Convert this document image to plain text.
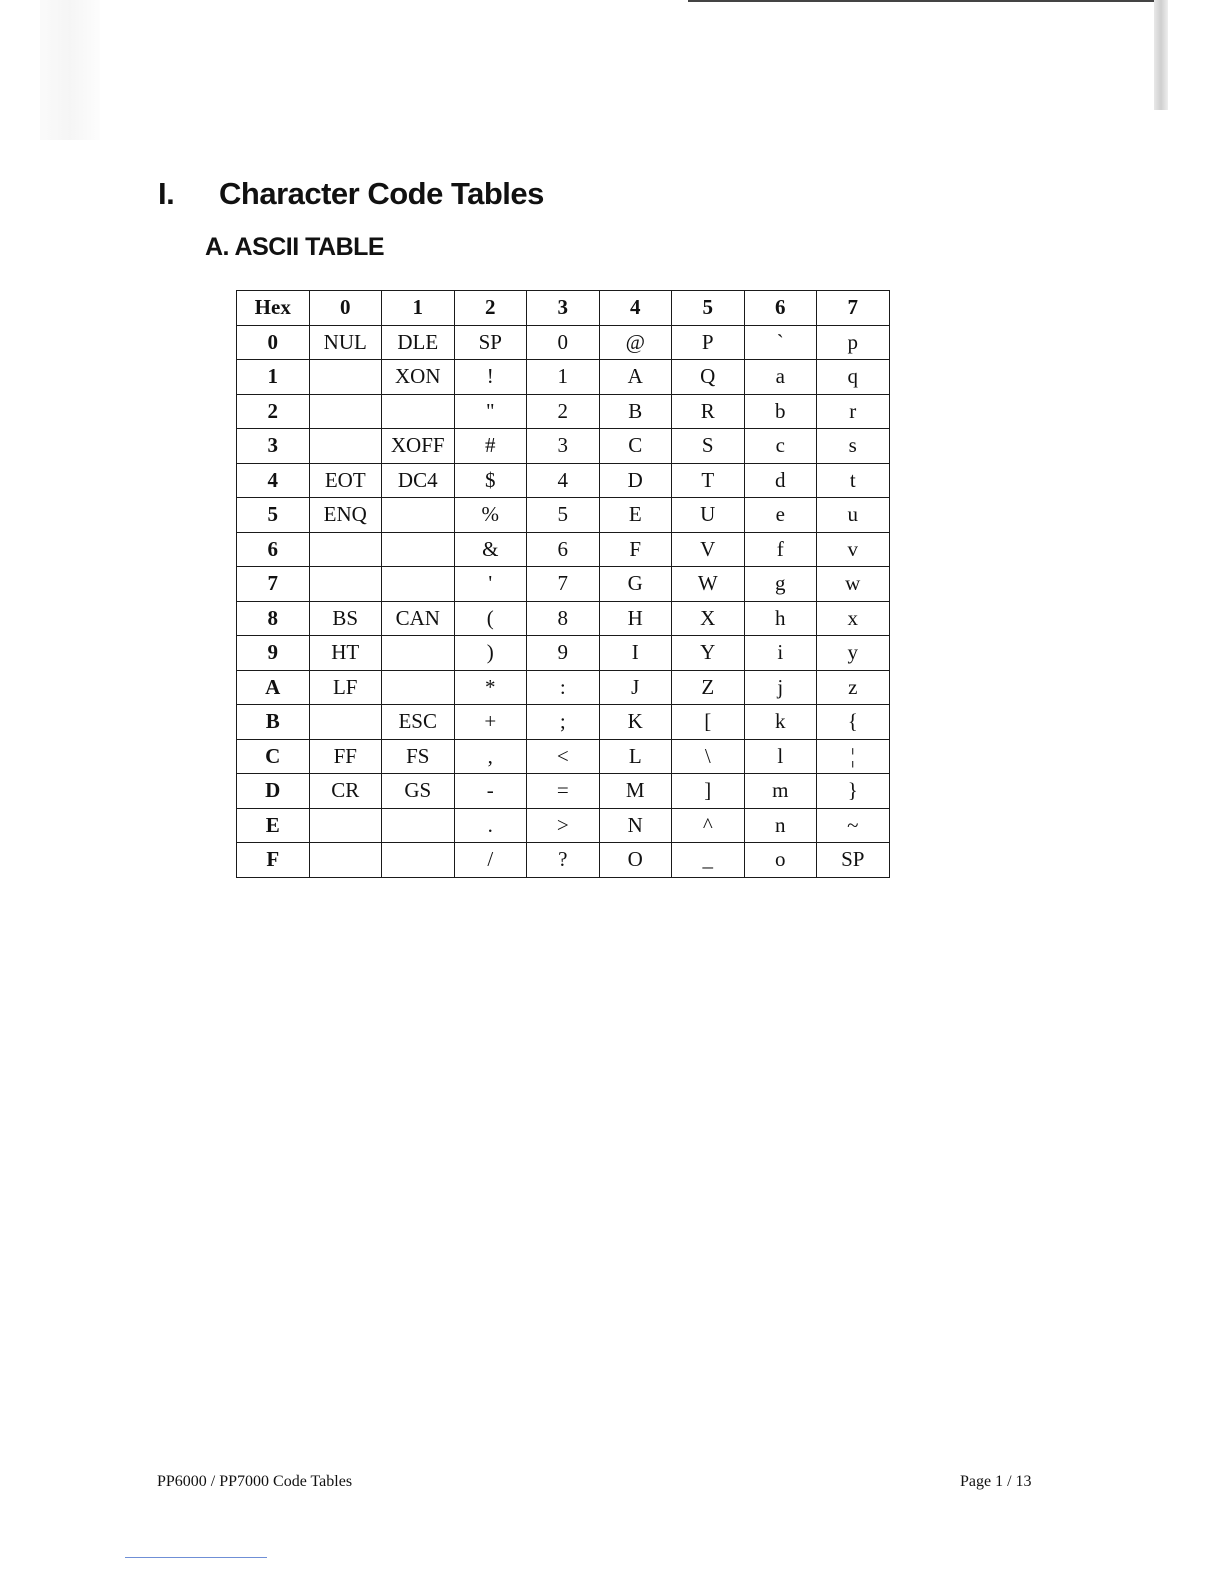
I. Character Code Tables
A. ASCII TABLE
Hex	0	1	2	3	4	5	6	7
0	NUL	DLE	SP	0	@	P	`	p
1		XON	!	1	A	Q	a	q
2			"	2	B	R	b	r
3		XOFF	#	3	C	S	c	s
4	EOT	DC4	$	4	D	T	d	t
5	ENQ		%	5	E	U	e	u
6			&	6	F	V	f	v
7			'	7	G	W	g	w
8	BS	CAN	(	8	H	X	h	x
9	HT		)	9	I	Y	i	y
A	LF		*	:	J	Z	j	z
B		ESC	+	;	K	[	k	{
C	FF	FS	,	<	L	\	l	¦
D	CR	GS	-	=	M	]	m	}
E			.	>	N	^	n	~
F			/	?	O	_	o	SP
PP6000 / PP7000 Code Tables	Page 1 / 13
